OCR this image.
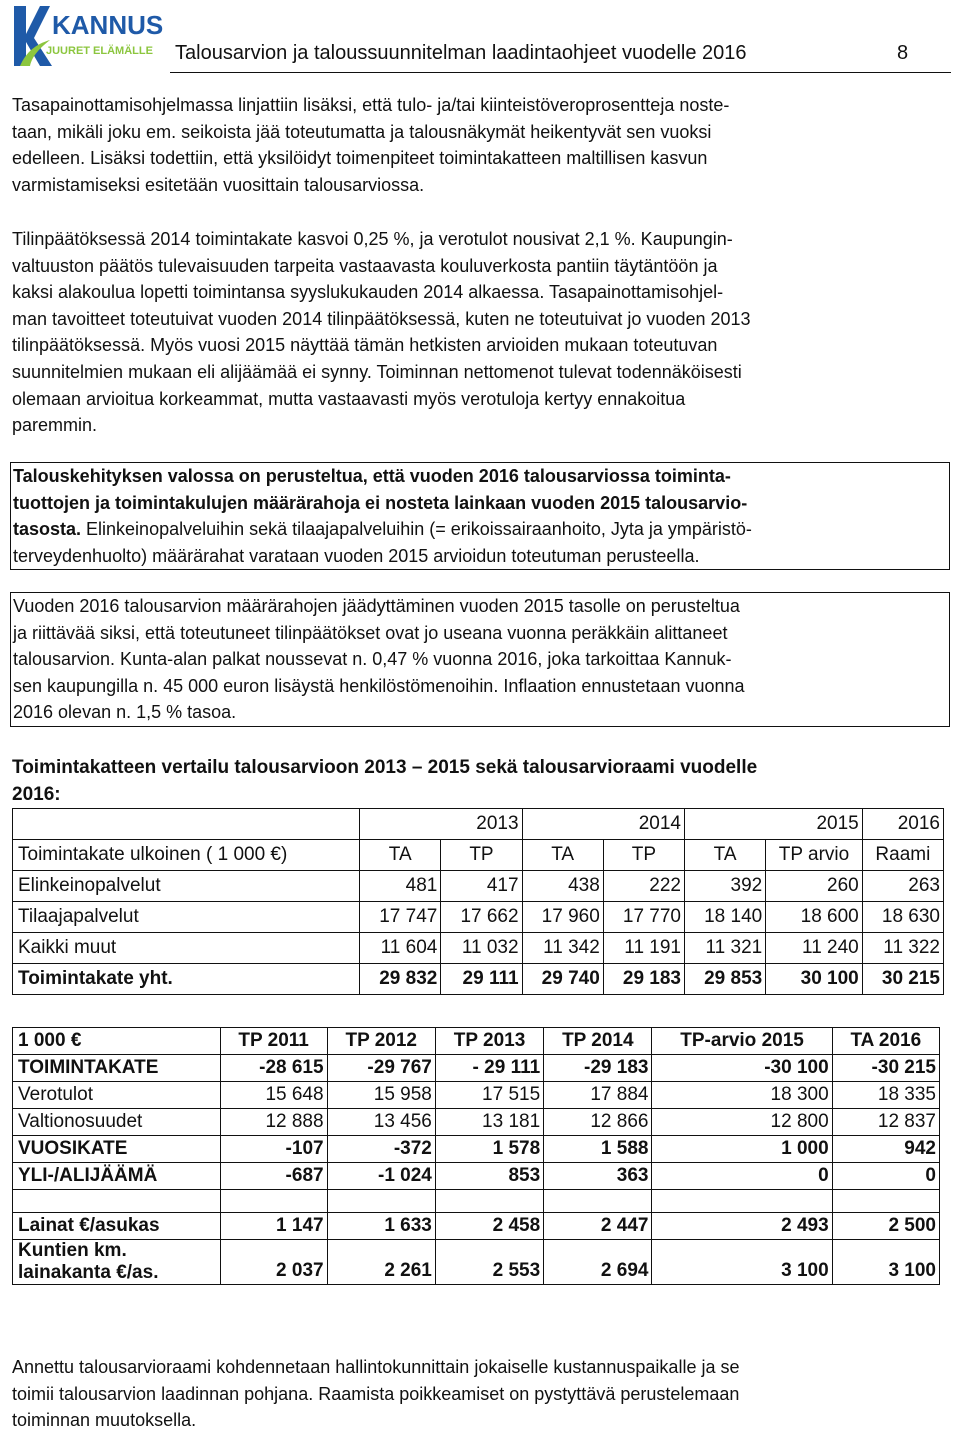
KANNUS
JUURET ELÄMÄLLE Talousarvion ja taloussuunnitelman laadintaohjeet vuodelle 2016	8
Tasapainottamisohjelmassa linjattiin lisäksi, että tulo- ja/tai kiinteistöveroprosentteja noste-
taan, mikäli joku em. seikoista jää toteutumatta ja talousnäkymät heikentyvät sen vuoksi
edelleen. Lisäksi todettiin, että yksilöidyt toimenpiteet toimintakatteen maltillisen kasvun
varmistamiseksi esitetään vuosittain talousarviossa.
Tilinpäätöksessä 2014 toimintakate kasvoi 0,25 %, ja verotulot nousivat 2,1 %. Kaupungin-
valtuuston päätös tulevaisuuden tarpeita vastaavasta kouluverkosta pantiin täytäntöön ja
kaksi alakoulua lopetti toimintansa syyslukukauden 2014 alkaessa. Tasapainottamisohjel-
man tavoitteet toteutuivat vuoden 2014 tilinpäätöksessä, kuten ne toteutuivat jo vuoden 2013
tilinpäätöksessä. Myös vuosi 2015 näyttää tämän hetkisten arvioiden mukaan toteutuvan
suunnitelmien mukaan eli alijäämää ei synny. Toiminnan nettomenot tulevat todennäköisesti
olemaan arvioitua korkeammat, mutta vastaavasti myös verotuloja kertyy ennakoitua
paremmin.
Talouskehityksen valossa on perusteltua, että vuoden 2016 talousarviossa toiminta-
tuottojen ja toimintakulujen määrärahoja ei nosteta lainkaan vuoden 2015 talousarvio-
tasosta. Elinkeinopalveluihin sekä tilaajapalveluihin (= erikoissairaanhoito, Jyta ja ympäristö-
terveydenhuolto) määrärahat varataan vuoden 2015 arvioidun toteutuman perusteella.
Vuoden 2016 talousarvion määrärahojen jäädyttäminen vuoden 2015 tasolle on perusteltua
ja riittävää siksi, että toteutuneet tilinpäätökset ovat jo useana vuonna peräkkäin alittaneet
talousarvion. Kunta-alan palkat noussevat n. 0,47 % vuonna 2016, joka tarkoittaa Kannuk-
sen kaupungilla n. 45 000 euron lisäystä henkilöstömenoihin. Inflaation ennustetaan vuonna
2016 olevan n. 1,5 % tasoa.
Toimintakatteen vertailu talousarvioon 2013 – 2015 sekä talousarvioraami vuodelle
2016:
	2013		2014		2015		2016
Toimintakate ulkoinen ( 1 000 €)	TA	TP	TA	TP	TA	TP arvio	Raami
Elinkeinopalvelut	481	417	438	222	392	260	263
Tilaajapalvelut	17 747	17 662	17 960	17 770	18 140	18 600	18 630
Kaikki muut	11 604	11 032	11 342	11 191	11 321	11 240	11 322
Toimintakate yht.	29 832	29 111	29 740	29 183	29 853	30 100	30 215
1 000 €	TP 2011	TP 2012	TP 2013	TP 2014	TP-arvio 2015	TA 2016
TOIMINTAKATE	-28 615	-29 767	- 29 111	-29 183	-30 100	-30 215
Verotulot	15 648	15 958	17 515	17 884	18 300	18 335
Valtionosuudet	12 888	13 456	13 181	12 866	12 800	12 837
VUOSIKATE	-107	-372	1 578	1 588	1 000	942
YLI-/ALIJÄÄMÄ	-687	-1 024	853	363	0	0

Lainat €/asukas	1 147	1 633	2 458	2 447	2 493	2 500

Kuntien km.
lainakanta €/as.	2 037	2 261	2 553	2 694	3 100	3 100
Annettu talousarvioraami kohdennetaan hallintokunnittain jokaiselle kustannuspaikalle ja se
toimii talousarvion laadinnan pohjana. Raamista poikkeamiset on pystyttävä perustelemaan
toiminnan muutoksella.
